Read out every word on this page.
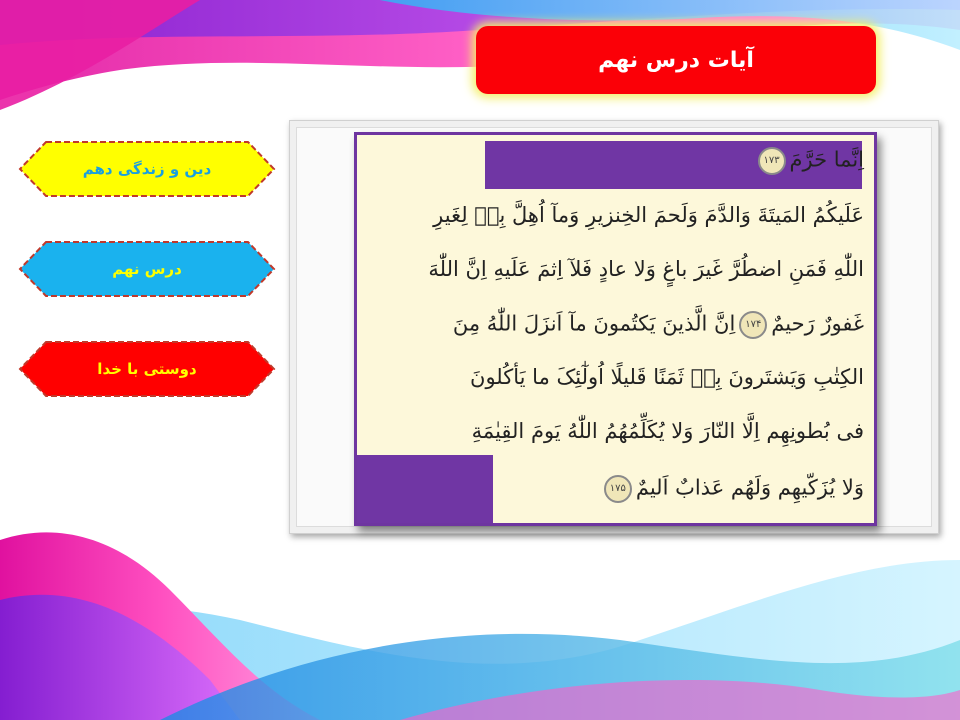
آیات درس نهم
دین و زندگی دهم
درس نهم
دوستی با خدا
اِنَّما حَرَّمَ۱۷۳
عَلَیکُمُ المَیتَةَ وَالدَّمَ وَلَحمَ الخِنزیرِ وَمآ اُهِلَّ بِهٖ لِغَیرِ
اللّٰهِ فَمَنِ اضطُرَّ غَیرَ باغٍ وَلا عادٍ فَلآ اِثمَ عَلَیهِ اِنَّ اللّٰهَ
غَفورٌ رَحیمٌ۱۷۴اِنَّ الَّذینَ یَکتُمونَ مآ اَنزَلَ اللّٰهُ مِنَ
الکِتٰبِ وَیَشتَرونَ بِهٖ ثَمَنًا قَلیلًا اُولٰٓئِکَ ما یَأکُلونَ
فی بُطونِهِم اِلَّا النّارَ وَلا یُکَلِّمُهُمُ اللّٰهُ یَومَ القِیٰمَةِ
وَلا یُزَکّیهِم وَلَهُم عَذابٌ اَلیمٌ۱۷۵
